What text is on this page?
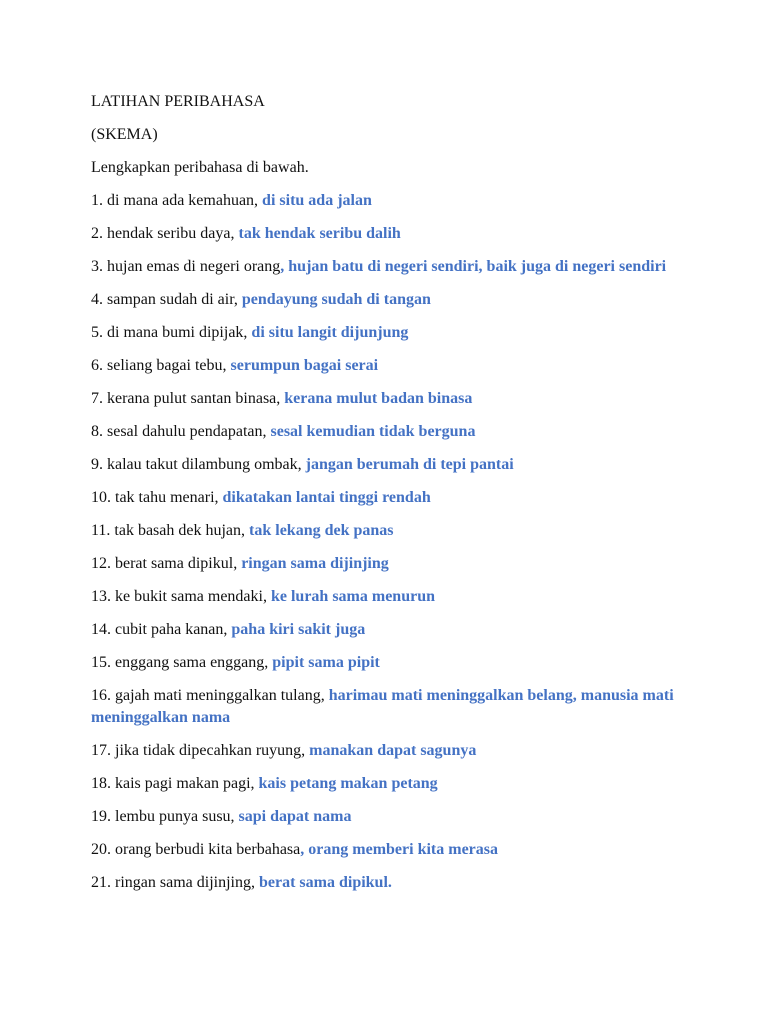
LATIHAN PERIBAHASA
(SKEMA)
Lengkapkan peribahasa di bawah.
1. di mana ada kemahuan, di situ ada jalan
2. hendak seribu daya, tak hendak seribu dalih
3. hujan emas di negeri orang, hujan batu di negeri sendiri, baik juga di negeri sendiri
4. sampan sudah di air, pendayung sudah di tangan
5. di mana bumi dipijak, di situ langit dijunjung
6. seliang bagai tebu, serumpun bagai serai
7. kerana pulut santan binasa, kerana mulut badan binasa
8. sesal dahulu pendapatan, sesal kemudian tidak berguna
9. kalau takut dilambung ombak, jangan berumah di tepi pantai
10. tak tahu menari, dikatakan lantai tinggi rendah
11. tak basah dek hujan, tak lekang dek panas
12. berat sama dipikul, ringan sama dijinjing
13. ke bukit sama mendaki, ke lurah sama menurun
14. cubit paha kanan, paha kiri sakit juga
15. enggang sama enggang, pipit sama pipit
16. gajah mati meninggalkan tulang, harimau mati meninggalkan belang, manusia mati meninggalkan nama
17. jika tidak dipecahkan ruyung, manakan dapat sagunya
18. kais pagi makan pagi, kais petang makan petang
19. lembu punya susu, sapi dapat nama
20. orang berbudi kita berbahasa, orang memberi kita merasa
21. ringan sama dijinjing, berat sama dipikul.
